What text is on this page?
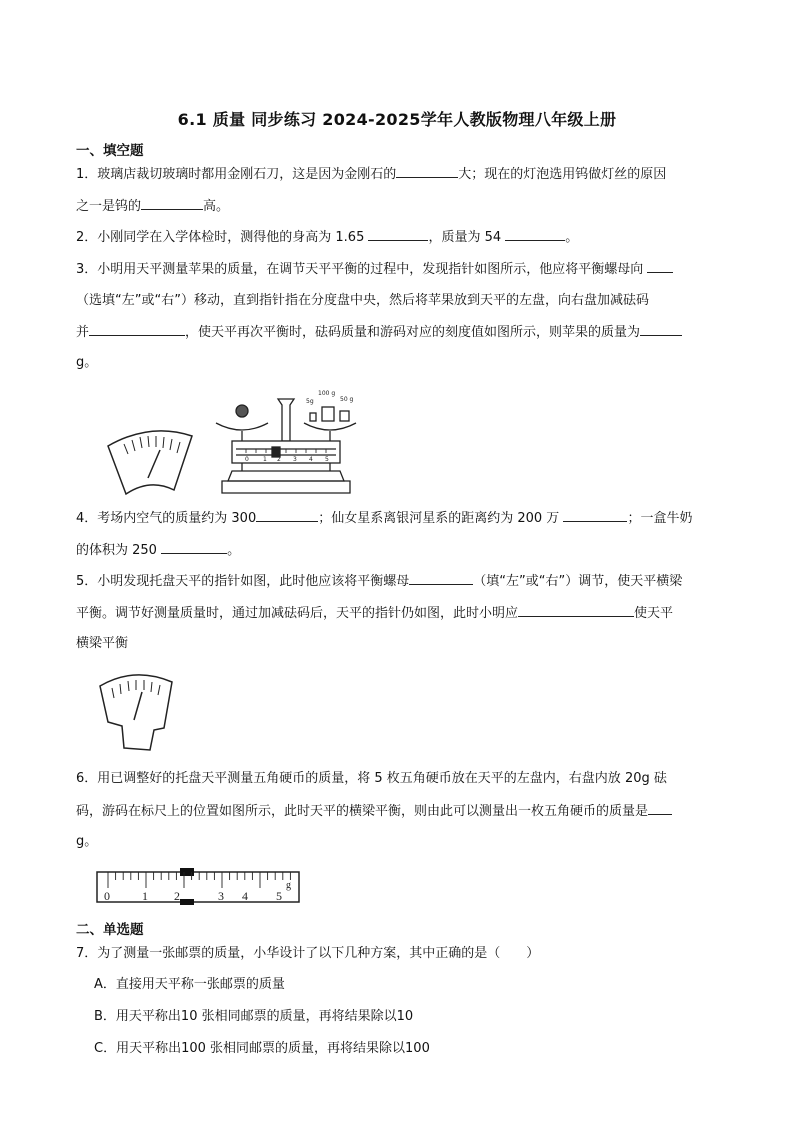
6.1 质量 同步练习 2024-2025学年人教版物理八年级上册
一、填空题
1．玻璃店裁切玻璃时都用金刚石刀，这是因为金刚石的	大；现在的灯泡选用钨做灯丝的原因
之一是钨的	高。
2．小刚同学在入学体检时，测得他的身高为 1.65	，质量为 54	。
3．小明用天平测量苹果的质量，在调节天平平衡的过程中，发现指针如图所示，他应将平衡螺母向
（选填“左”或“右”）移动，直到指针指在分度盘中央，然后将苹果放到天平的左盘，向右盘加减砝码
并	，使天平再次平衡时，砝码质量和游码对应的刻度值如图所示，则苹果的质量为
g。
5g
100 g
50 g
0 1 2 3 4 5
4．考场内空气的质量约为 300	；仙女星系离银河星系的距离约为 200 万	；一盒牛奶
的体积为 250	。
5．小明发现托盘天平的指针如图，此时他应该将平衡螺母	（填“左”或“右”）调节，使天平横梁
平衡。调节好测量质量时，通过加减砝码后，天平的指针仍如图，此时小明应	使天平
横梁平衡
6．用已调整好的托盘天平测量五角硬币的质量，将 5 枚五角硬币放在天平的左盘内，右盘内放 20g 砝
码，游码在标尺上的位置如图所示，此时天平的横梁平衡，则由此可以测量出一枚五角硬币的质量是
g。
0	1 2	3 4 5
g
二、单选题
7．为了测量一张邮票的质量，小华设计了以下几种方案，其中正确的是（　　）
A．直接用天平称一张邮票的质量
B．用天平称出10 张相同邮票的质量，再将结果除以10
C．用天平称出100 张相同邮票的质量，再将结果除以100
